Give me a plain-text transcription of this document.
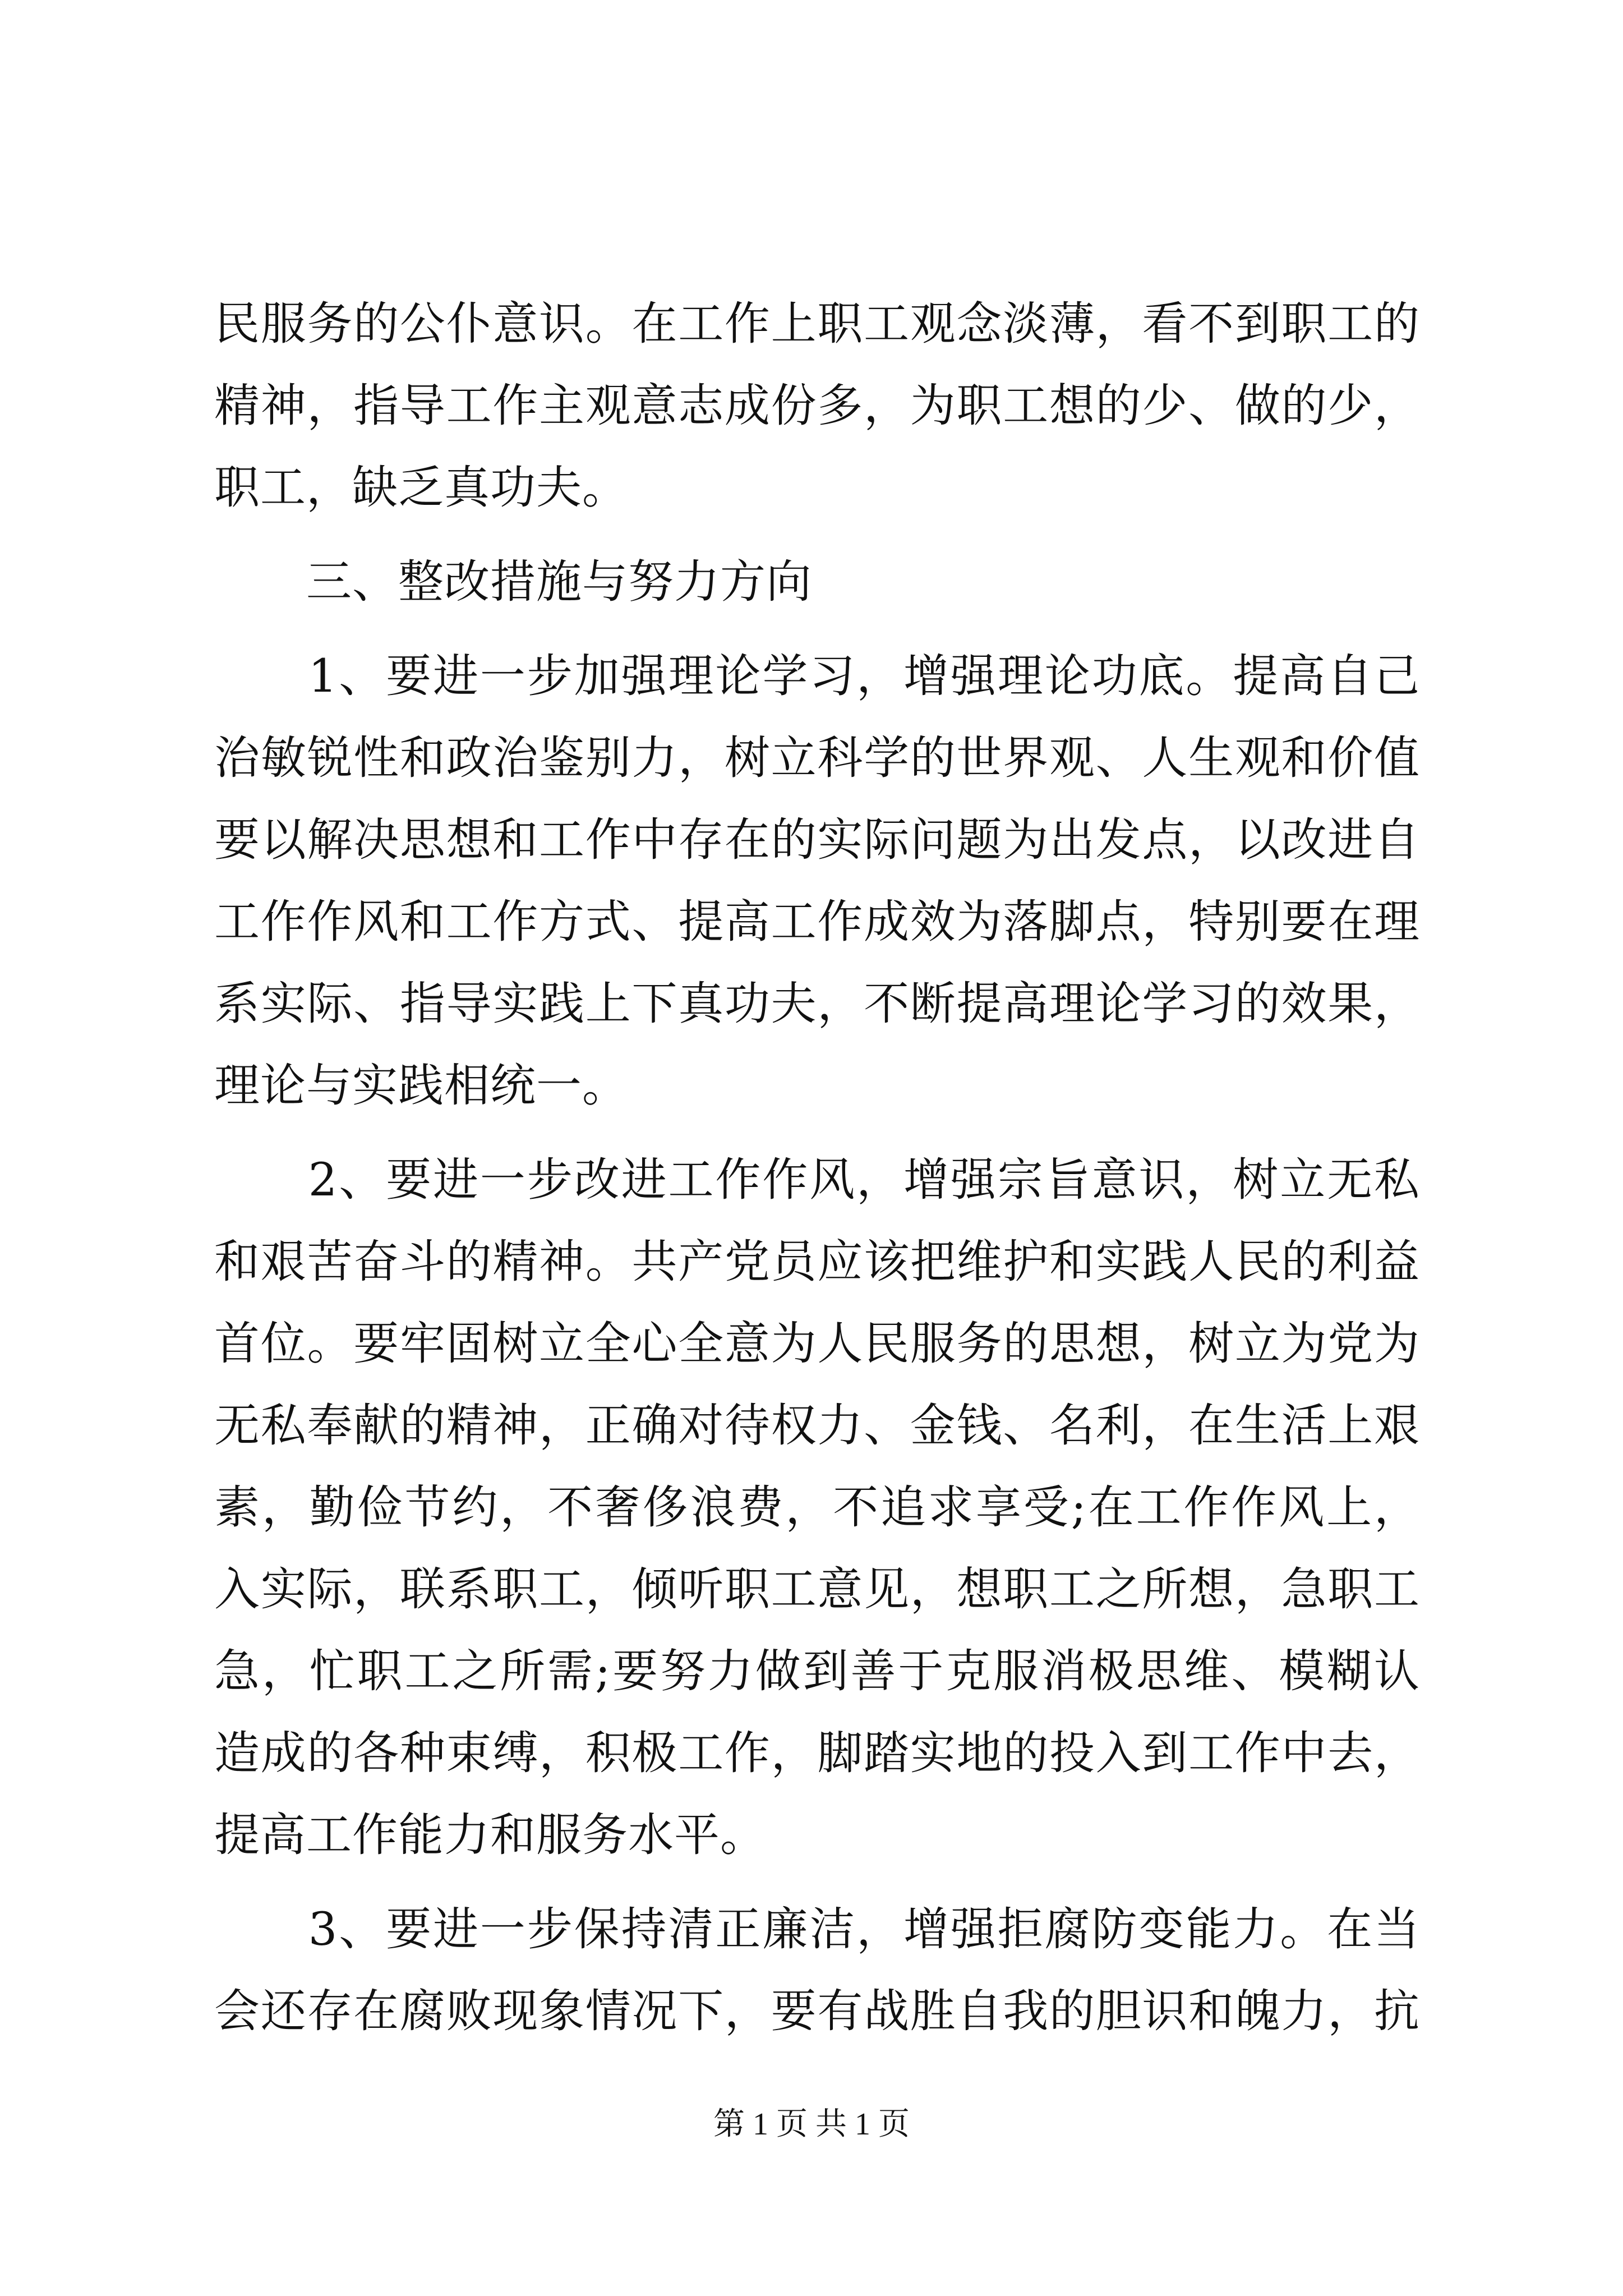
民服务的公仆意识。在工作上职工观念淡薄，看不到职工的
精神，指导工作主观意志成份多，为职工想的少、做的少，
职工，缺乏真功夫。
　　三、整改措施与努力方向
　　1、要进一步加强理论学习，增强理论功底。提高自己
治敏锐性和政治鉴别力，树立科学的世界观、人生观和价值
要以解决思想和工作中存在的实际问题为出发点，以改进自
工作作风和工作方式、提高工作成效为落脚点，特别要在理
系实际、指导实践上下真功夫，不断提高理论学习的效果，
理论与实践相统一。
　　2、要进一步改进工作作风，增强宗旨意识，树立无私
和艰苦奋斗的精神。共产党员应该把维护和实践人民的利益
首位。要牢固树立全心全意为人民服务的思想，树立为党为
无私奉献的精神，正确对待权力、金钱、名利，在生活上艰
素，勤俭节约，不奢侈浪费，不追求享受;在工作作风上，
入实际，联系职工，倾听职工意见，想职工之所想，急职工
急，忙职工之所需;要努力做到善于克服消极思维、模糊认
造成的各种束缚，积极工作，脚踏实地的投入到工作中去，
提高工作能力和服务水平。
　　3、要进一步保持清正廉洁，增强拒腐防变能力。在当
会还存在腐败现象情况下，要有战胜自我的胆识和魄力，抗
第 1 页 共 1 页
